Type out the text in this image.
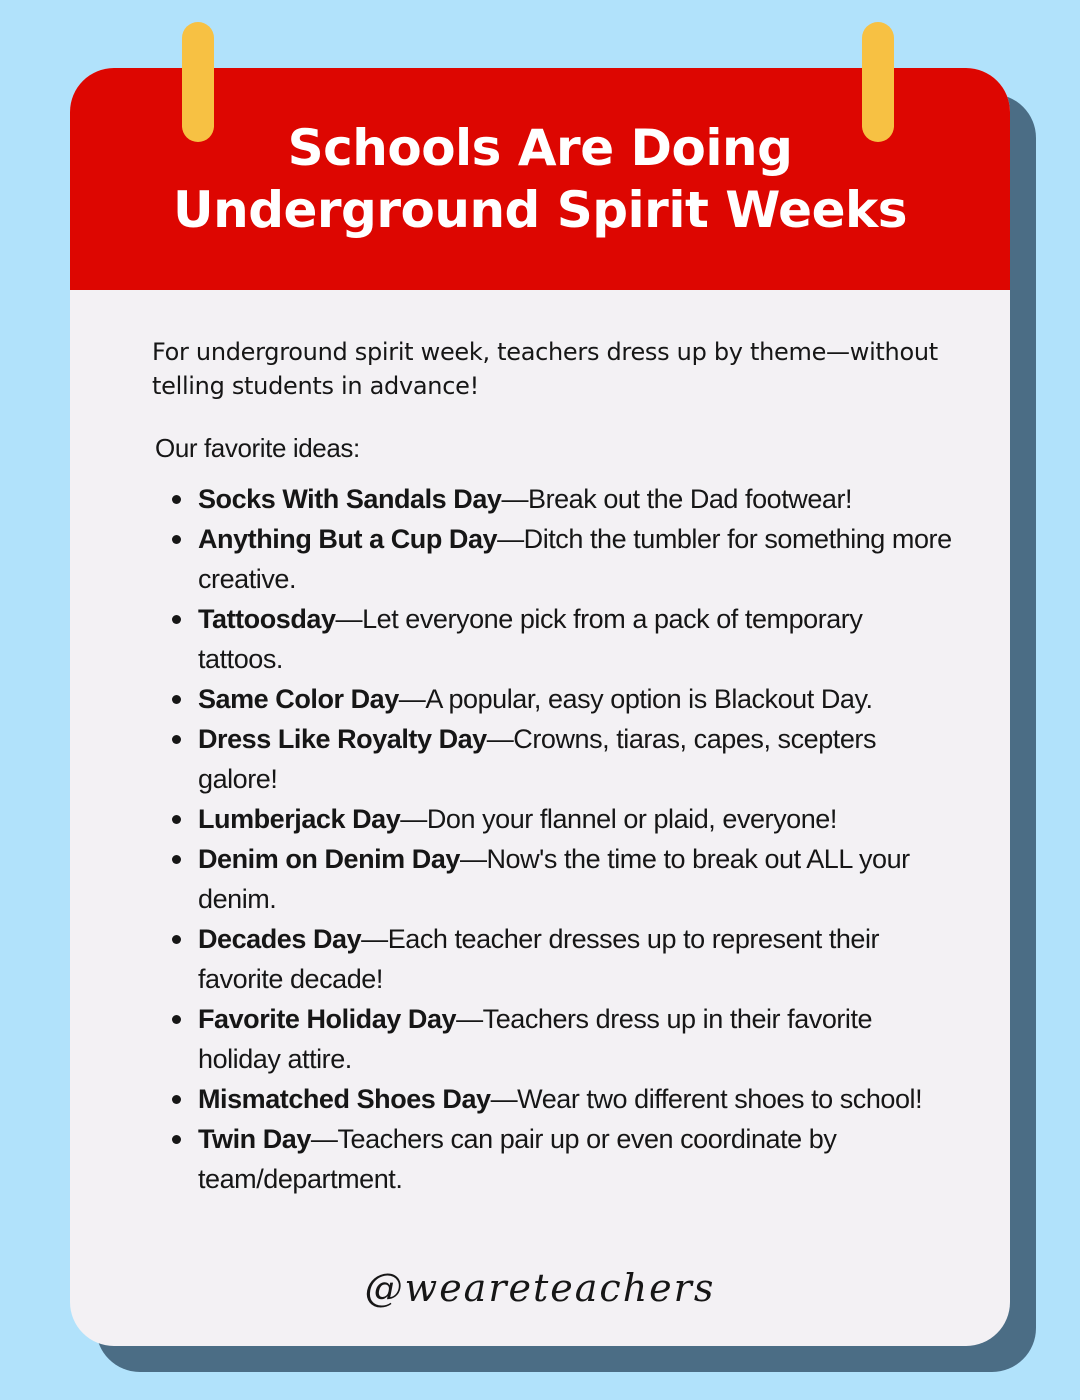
Schools Are Doing
Underground Spirit Weeks

For underground spirit week, teachers dress up by theme—without telling students in advance!

Our favorite ideas:
Socks With Sandals Day—Break out the Dad footwear!
Anything But a Cup Day—Ditch the tumbler for something more creative.
Tattoosday—Let everyone pick from a pack of temporary tattoos.
Same Color Day—A popular, easy option is Blackout Day.
Dress Like Royalty Day—Crowns, tiaras, capes, scepters galore!
Lumberjack Day—Don your flannel or plaid, everyone!
Denim on Denim Day—Now's the time to break out ALL your denim.
Decades Day—Each teacher dresses up to represent their favorite decade!
Favorite Holiday Day—Teachers dress up in their favorite holiday attire.
Mismatched Shoes Day—Wear two different shoes to school!
Twin Day—Teachers can pair up or even coordinate by team/department.
@weareteachers
